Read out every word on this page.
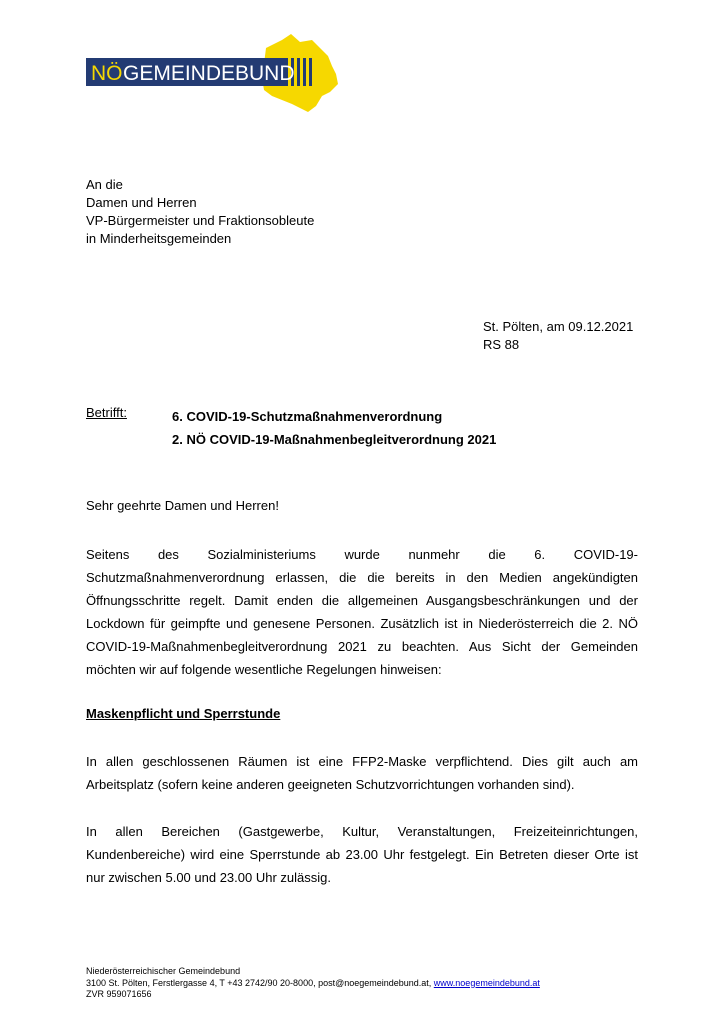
NÖ GEMEINDEBUND
An die
Damen und Herren
VP-Bürgermeister und Fraktionsobleute
in Minderheitsgemeinden
St. Pölten, am 09.12.2021
RS 88
Betrifft:	6. COVID-19-Schutzmaßnahmenverordnung
2. NÖ COVID-19-Maßnahmenbegleitverordnung 2021
Sehr geehrte Damen und Herren!
Seitens des Sozialministeriums wurde nunmehr die 6. COVID-19-Schutzmaßnahmenverordnung erlassen, die die bereits in den Medien angekündigten Öffnungsschritte regelt. Damit enden die allgemeinen Ausgangsbeschränkungen und der Lockdown für geimpfte und genesene Personen. Zusätzlich ist in Niederösterreich die 2. NÖ COVID-19-Maßnahmenbegleitverordnung 2021 zu beachten. Aus Sicht der Gemeinden möchten wir auf folgende wesentliche Regelungen hinweisen:
Maskenpflicht und Sperrstunde
In allen geschlossenen Räumen ist eine FFP2-Maske verpflichtend. Dies gilt auch am Arbeitsplatz (sofern keine anderen geeigneten Schutzvorrichtungen vorhanden sind).
In allen Bereichen (Gastgewerbe, Kultur, Veranstaltungen, Freizeiteinrichtungen, Kundenbereiche) wird eine Sperrstunde ab 23.00 Uhr festgelegt. Ein Betreten dieser Orte ist nur zwischen 5.00 und 23.00 Uhr zulässig.
Niederösterreichischer Gemeindebund
3100 St. Pölten, Ferstlergasse 4, T +43 2742/90 20-8000, post@noegemeindebund.at, www.noegemeindebund.at
ZVR 959071656
